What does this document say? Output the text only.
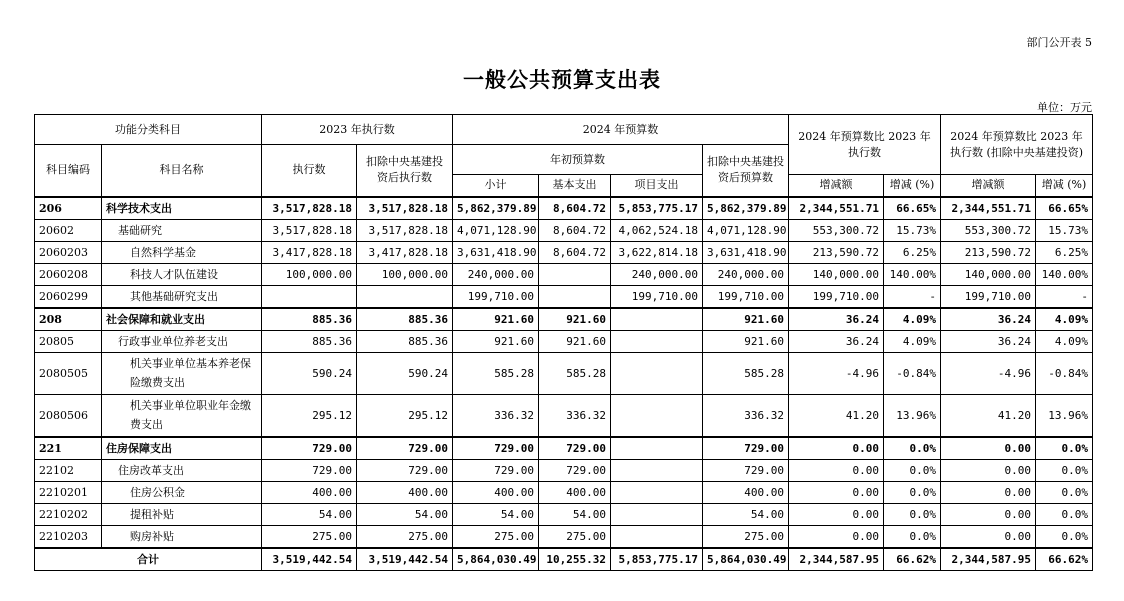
部门公开表 5
一般公共预算支出表
单位：万元
功能分类科目		2023 年执行数		2024 年预算数				2024 年预算数比 2023 年执行数		2024 年预算数比 2023 年执行数 (扣除中央基建投资)	
科目编码	科目名称	执行数	扣除中央基建投资后执行数	年初预算数			扣除中央基建投资后预算数				
				小计	基本支出	项目支出		增减额	增减 (%)	增减额	增减 (%)
206	科学技术支出	3,517,828.18	3,517,828.18	5,862,379.89	8,604.72	5,853,775.17	5,862,379.89	2,344,551.71	66.65%	2,344,551.71	66.65%
20602	基础研究	3,517,828.18	3,517,828.18	4,071,128.90	8,604.72	4,062,524.18	4,071,128.90	553,300.72	15.73%	553,300.72	15.73%
2060203	自然科学基金	3,417,828.18	3,417,828.18	3,631,418.90	8,604.72	3,622,814.18	3,631,418.90	213,590.72	6.25%	213,590.72	6.25%
2060208	科技人才队伍建设	100,000.00	100,000.00	240,000.00		240,000.00	240,000.00	140,000.00	140.00%	140,000.00	140.00%
2060299	其他基础研究支出			199,710.00		199,710.00	199,710.00	199,710.00	-	199,710.00	-
208	社会保障和就业支出	885.36	885.36	921.60	921.60		921.60	36.24	4.09%	36.24	4.09%
20805	行政事业单位养老支出	885.36	885.36	921.60	921.60		921.60	36.24	4.09%	36.24	4.09%
2080505	机关事业单位基本养老保险缴费支出	590.24	590.24	585.28	585.28		585.28	-4.96	-0.84%	-4.96	-0.84%
2080506	机关事业单位职业年金缴费支出	295.12	295.12	336.32	336.32		336.32	41.20	13.96%	41.20	13.96%
221	住房保障支出	729.00	729.00	729.00	729.00		729.00	0.00	0.0%	0.00	0.0%
22102	住房改革支出	729.00	729.00	729.00	729.00		729.00	0.00	0.0%	0.00	0.0%
2210201	住房公积金	400.00	400.00	400.00	400.00		400.00	0.00	0.0%	0.00	0.0%
2210202	提租补贴	54.00	54.00	54.00	54.00		54.00	0.00	0.0%	0.00	0.0%
2210203	购房补贴	275.00	275.00	275.00	275.00		275.00	0.00	0.0%	0.00	0.0%
合计		3,519,442.54	3,519,442.54	5,864,030.49	10,255.32	5,853,775.17	5,864,030.49	2,344,587.95	66.62%	2,344,587.95	66.62%
